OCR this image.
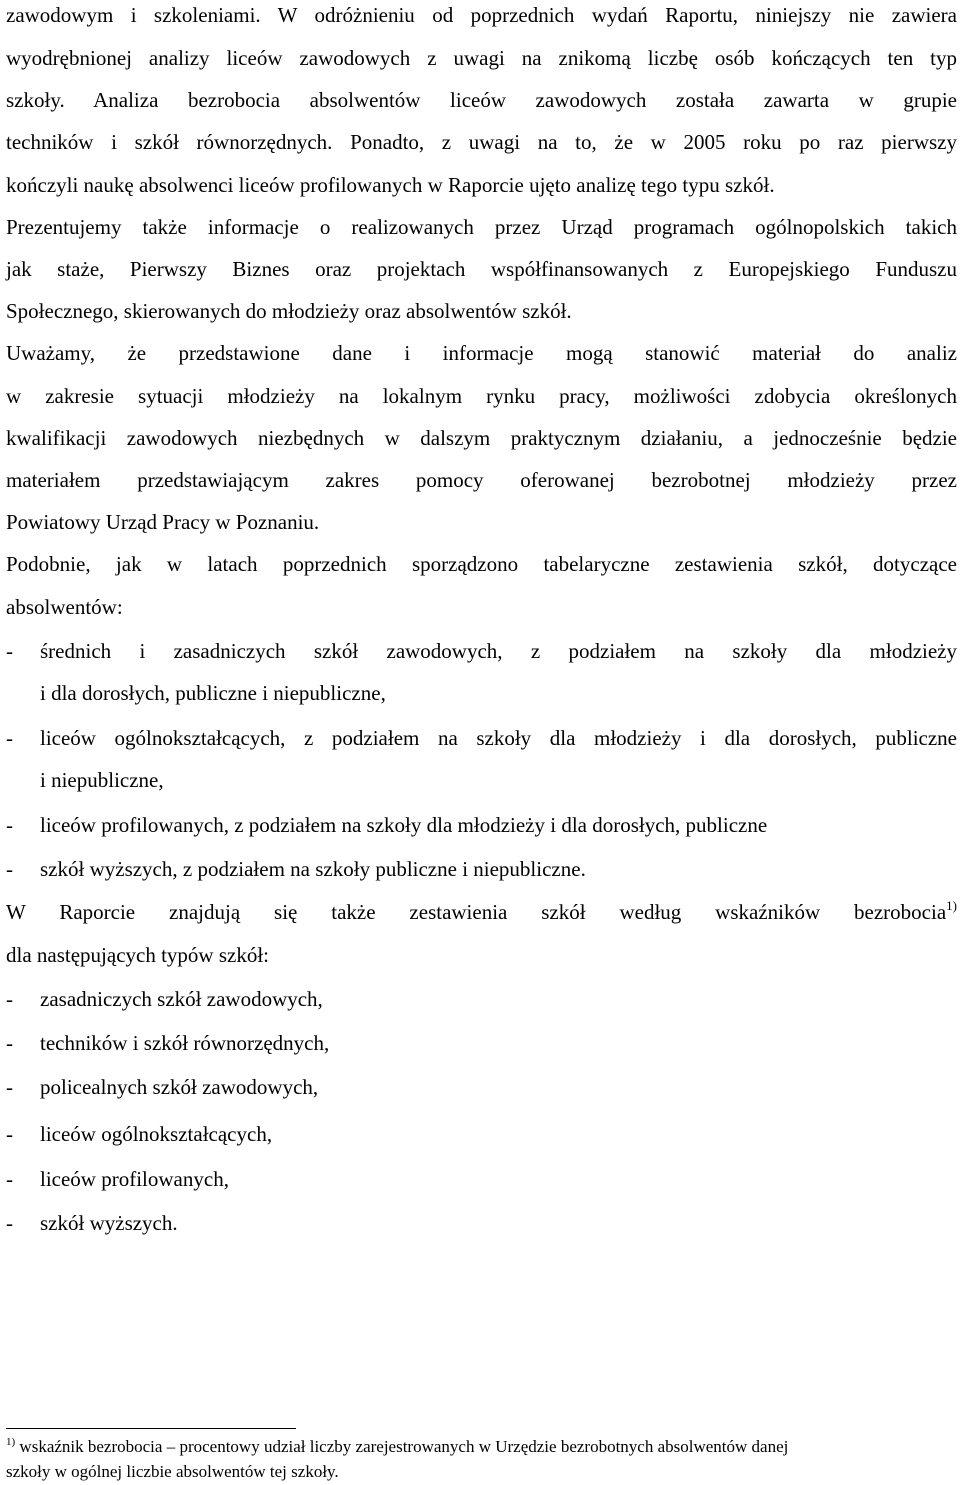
zawodowym i szkoleniami. W odróżnieniu od poprzednich wydań Raportu, niniejszy nie zawiera
wyodrębnionej analizy liceów zawodowych z uwagi na znikomą liczbę osób kończących ten typ
szkoły. Analiza bezrobocia absolwentów liceów zawodowych została zawarta w grupie
techników i szkół równorzędnych. Ponadto, z uwagi na to, że w 2005 roku po raz pierwszy
kończyli naukę absolwenci liceów profilowanych w Raporcie ujęto analizę tego typu szkół.
Prezentujemy także informacje o realizowanych przez Urząd programach ogólnopolskich takich
jak staże, Pierwszy Biznes oraz projektach współfinansowanych z Europejskiego Funduszu
Społecznego, skierowanych do młodzieży oraz absolwentów szkół.
Uważamy, że przedstawione dane i informacje mogą stanowić materiał do analiz
w zakresie sytuacji młodzieży na lokalnym rynku pracy, możliwości zdobycia określonych
kwalifikacji zawodowych niezbędnych w dalszym praktycznym działaniu, a jednocześnie będzie
materiałem przedstawiającym zakres pomocy oferowanej bezrobotnej młodzieży przez
Powiatowy Urząd Pracy w Poznaniu.
Podobnie, jak w latach poprzednich sporządzono tabelaryczne zestawienia szkół, dotyczące
absolwentów:
- średnich i zasadniczych szkół zawodowych, z podziałem na szkoły dla młodzieży
i dla dorosłych, publiczne i niepubliczne,
- liceów ogólnokształcących, z podziałem na szkoły dla młodzieży i dla dorosłych, publiczne
i niepubliczne,
- liceów profilowanych, z podziałem na szkoły dla młodzieży i dla dorosłych, publiczne
- szkół wyższych, z podziałem na szkoły publiczne i niepubliczne.
W Raporcie znajdują się także zestawienia szkół według wskaźników bezrobocia$^{1)}$
dla następujących typów szkół:
- zasadniczych szkół zawodowych,
- techników i szkół równorzędnych,
- policealnych szkół zawodowych,
- liceów ogólnokształcących,
- liceów profilowanych,
- szkół wyższych.
$^{1)}$ wskaźnik bezrobocia – procentowy udział liczby zarejestrowanych w Urzędzie bezrobotnych absolwentów danej
szkoły w ogólnej liczbie absolwentów tej szkoły.
